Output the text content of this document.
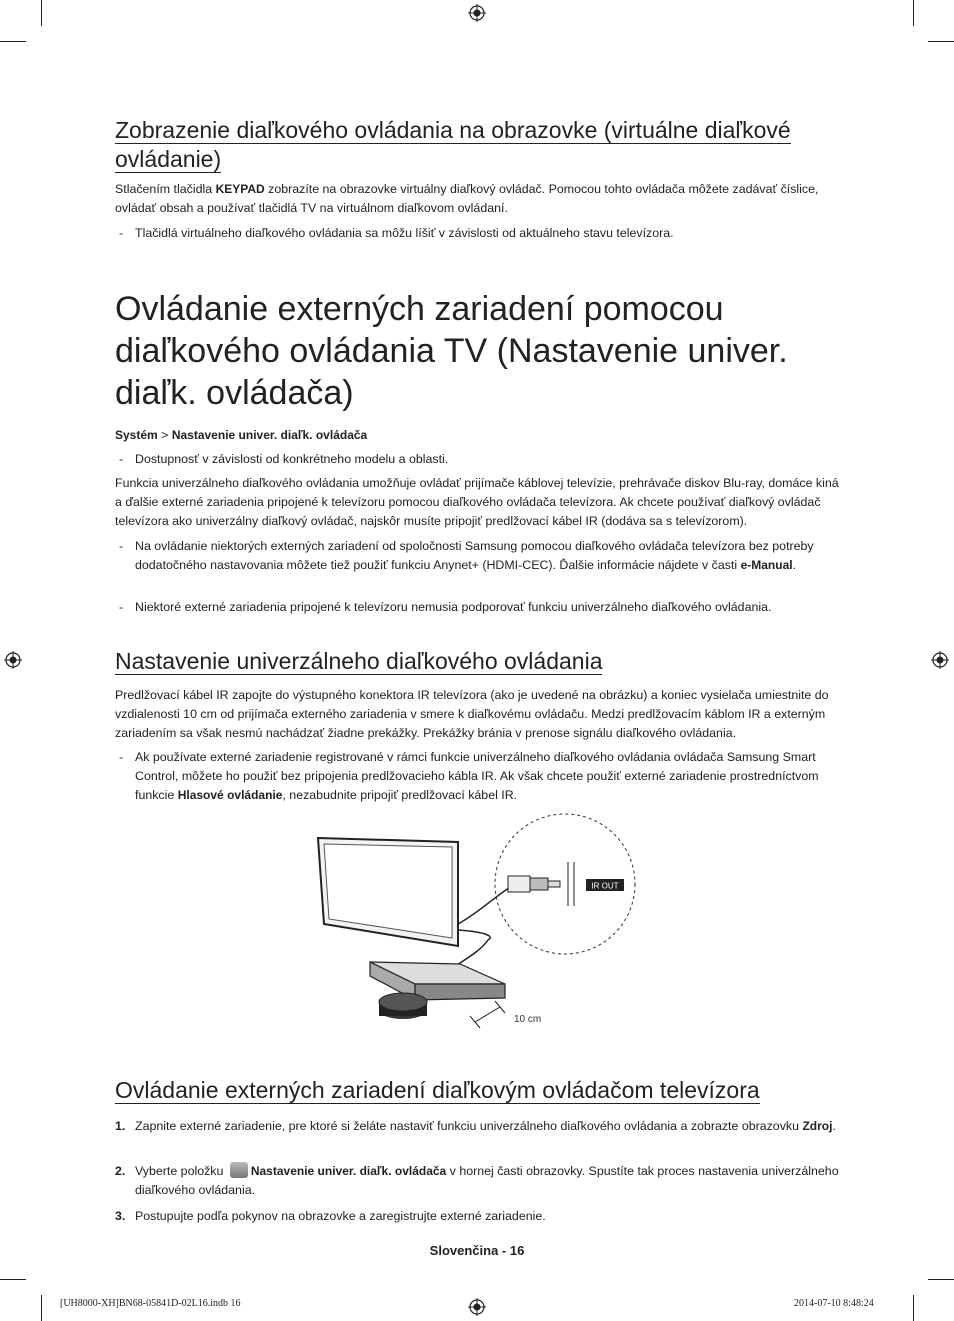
Zobrazenie diaľkového ovládania na obrazovke (virtuálne diaľkové ovládanie)

Stlačením tlačidla KEYPAD zobrazíte na obrazovke virtuálny diaľkový ovládač. Pomocou tohto ovládača môžete zadávať číslice, ovládať obsah a používať tlačidlá TV na virtuálnom diaľkovom ovládaní.

- Tlačidlá virtuálneho diaľkového ovládania sa môžu líšiť v závislosti od aktuálneho stavu televízora.

Ovládanie externých zariadení pomocou diaľkového ovládania TV (Nastavenie univer. diaľk. ovládača)

Systém > Nastavenie univer. diaľk. ovládača

- Dostupnosť v závislosti od konkrétneho modelu a oblasti.

Funkcia univerzálneho diaľkového ovládania umožňuje ovládať prijímače káblovej televízie, prehrávače diskov Blu-ray, domáce kiná a ďalšie externé zariadenia pripojené k televízoru pomocou diaľkového ovládača televízora. Ak chcete používať diaľkový ovládač televízora ako univerzálny diaľkový ovládač, najskôr musíte pripojiť predlžovací kábel IR (dodáva sa s televízorom).

- Na ovládanie niektorých externých zariadení od spoločnosti Samsung pomocou diaľkového ovládača televízora bez potreby dodatočného nastavovania môžete tiež použiť funkciu Anynet+ (HDMI-CEC). Ďalšie informácie nájdete v časti e-Manual.

- Niektoré externé zariadenia pripojené k televízoru nemusia podporovať funkciu univerzálneho diaľkového ovládania.

Nastavenie univerzálneho diaľkového ovládania

Predlžovací kábel IR zapojte do výstupného konektora IR televízora (ako je uvedené na obrázku) a koniec vysielača umiestnite do vzdialenosti 10 cm od prijímača externého zariadenia v smere k diaľkovému ovládaču. Medzi predlžovacím káblom IR a externým zariadením sa však nesmú nachádzať žiadne prekážky. Prekážky bránia v prenose signálu diaľkového ovládania.

- Ak používate externé zariadenie registrované v rámci funkcie univerzálneho diaľkového ovládania ovládača Samsung Smart Control, môžete ho použiť bez pripojenia predlžovacieho kábla IR. Ak však chcete použiť externé zariadenie prostredníctvom funkcie Hlasové ovládanie, nezabudnite pripojiť predlžovací kábel IR.

IR OUT
10 cm
Ovládanie externých zariadení diaľkovým ovládačom televízora
1. Zapnite externé zariadenie, pre ktoré si želáte nastaviť funkciu univerzálneho diaľkového ovládania a zobrazte obrazovku Zdroj.

2. Vyberte položku Nastavenie univer. diaľk. ovládača v hornej časti obrazovky. Spustíte tak proces nastavenia univerzálneho diaľkového ovládania.

3. Postupujte podľa pokynov na obrazovke a zaregistrujte externé zariadenie.

Slovenčina - 16
[UH8000-XH]BN68-05841D-02L16.indb 16	2014-07-10 8:48:24
